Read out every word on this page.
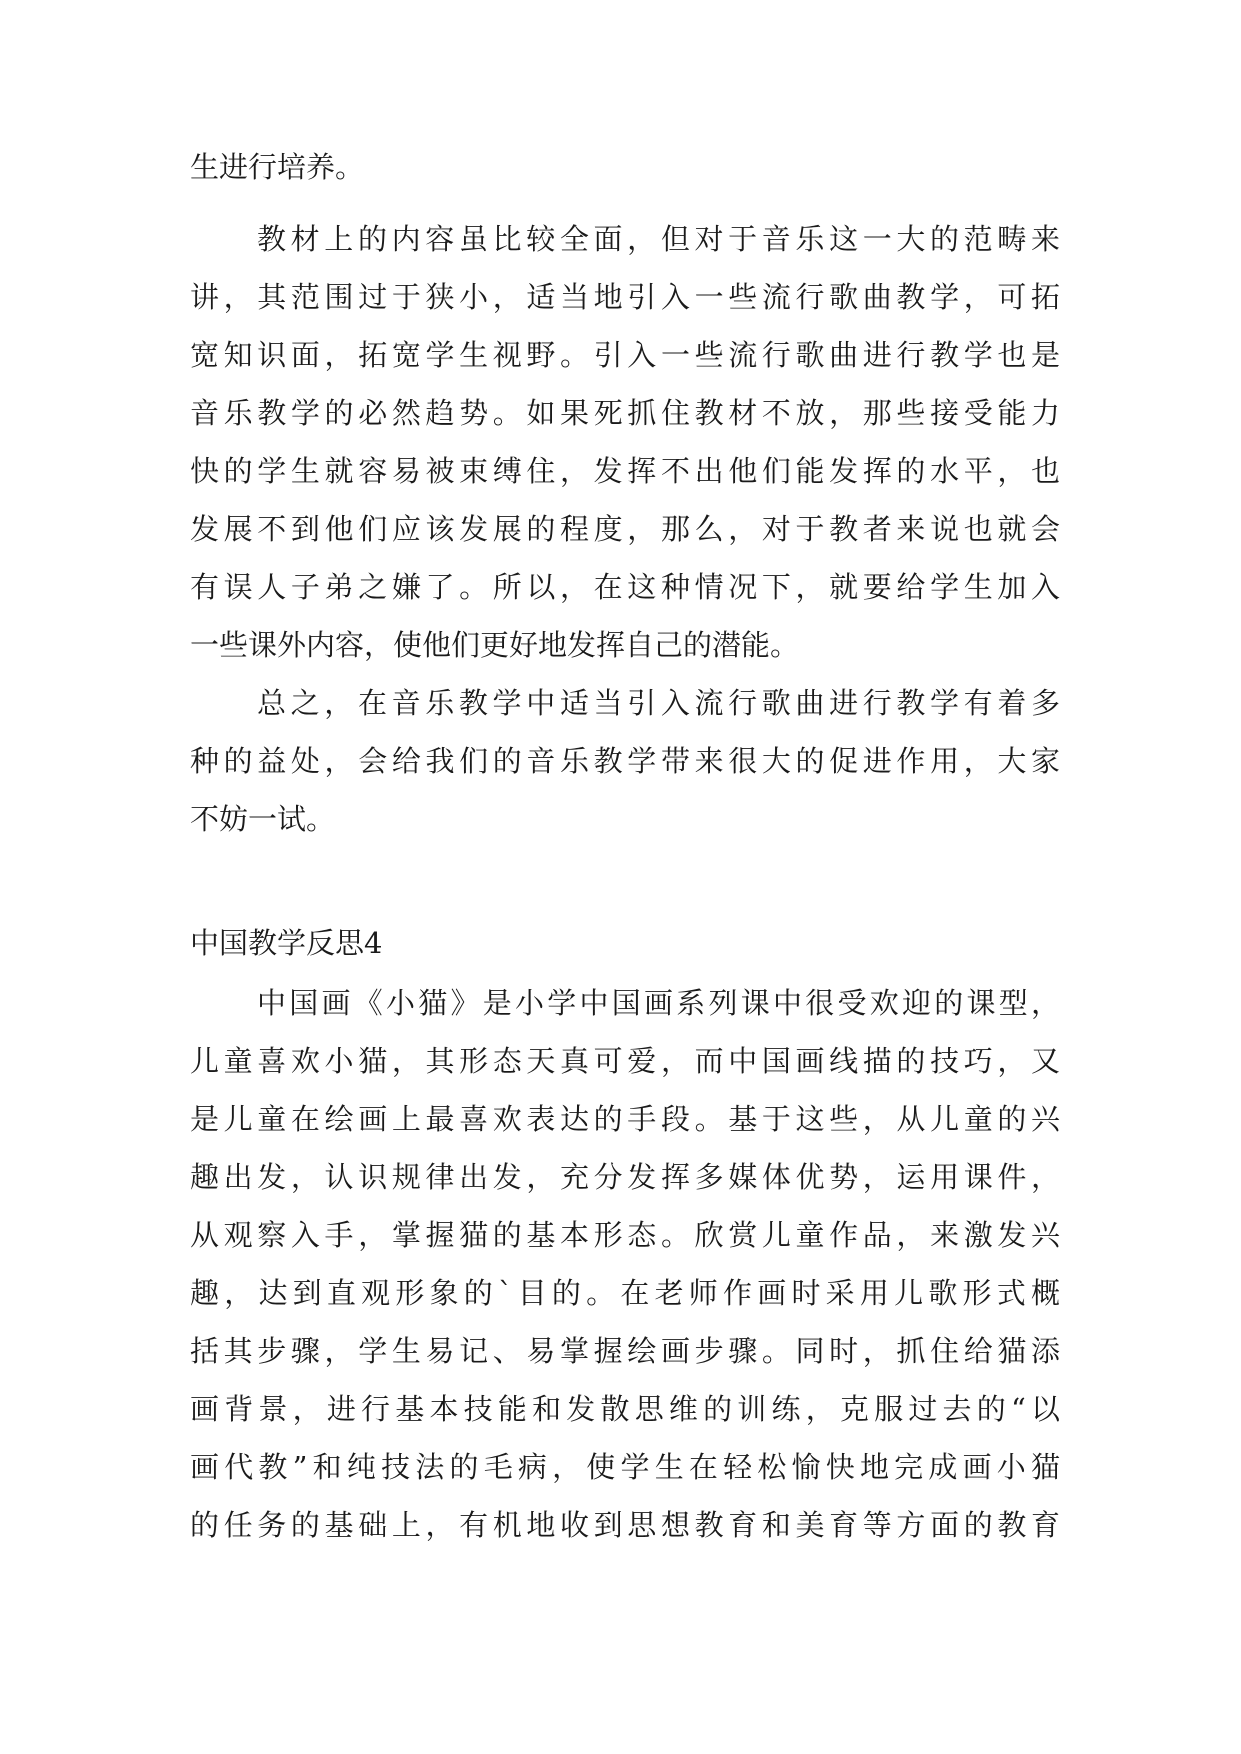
生进行培养。
教材上的内容虽比较全面，但对于音乐这一大的范畴来
讲，其范围过于狭小，适当地引入一些流行歌曲教学，可拓
宽知识面，拓宽学生视野。引入一些流行歌曲进行教学也是
音乐教学的必然趋势。如果死抓住教材不放，那些接受能力
快的学生就容易被束缚住，发挥不出他们能发挥的水平，也
发展不到他们应该发展的程度，那么，对于教者来说也就会
有误人子弟之嫌了。所以，在这种情况下，就要给学生加入
一些课外内容，使他们更好地发挥自己的潜能。
总之，在音乐教学中适当引入流行歌曲进行教学有着多
种的益处，会给我们的音乐教学带来很大的促进作用，大家
不妨一试。
中国教学反思4
中国画《小猫》是小学中国画系列课中很受欢迎的课型，
儿童喜欢小猫，其形态天真可爱，而中国画线描的技巧，又
是儿童在绘画上最喜欢表达的手段。基于这些，从儿童的兴
趣出发，认识规律出发，充分发挥多媒体优势，运用课件，
从观察入手，掌握猫的基本形态。欣赏儿童作品，来激发兴
趣，达到直观形象的`目的。在老师作画时采用儿歌形式概
括其步骤，学生易记、易掌握绘画步骤。同时，抓住给猫添
画背景，进行基本技能和发散思维的训练，克服过去的“以
画代教”和纯技法的毛病，使学生在轻松愉快地完成画小猫
的任务的基础上，有机地收到思想教育和美育等方面的教育
